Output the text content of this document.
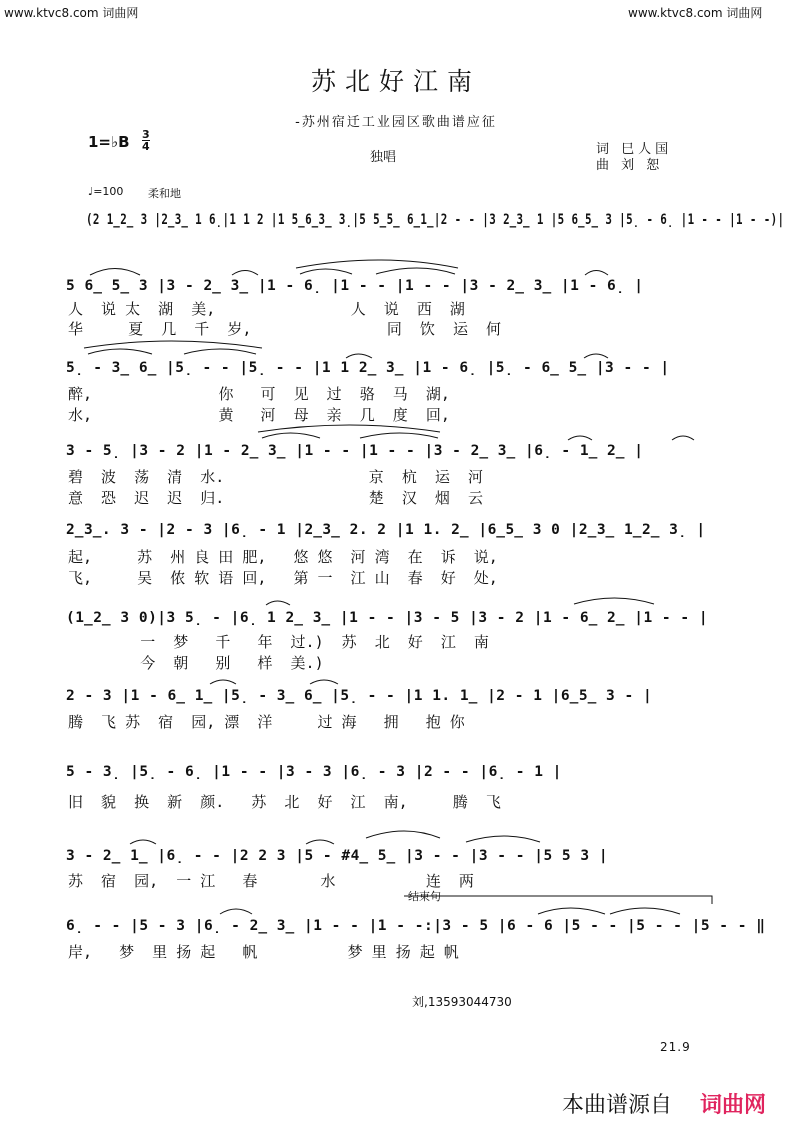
www.ktvc8.com 词曲网	www.ktvc8.com 词曲网
苏北好江南
-苏州宿迁工业园区歌曲谱应征
1=♭B $\frac{3}{4}$
独唱
词 巳人国
曲 刘 恕
♩=100 柔和地
(2 1̲2̲ 3 |2̲3̲ 1 6̣|1 1 2 |1 5̲6̲3̲ 3̣|5 5̲5̲ 6̲1̲|2 - - |3 2̲3̲ 1 |5 6̲5̲ 3 |5̣ - 6̣ |1 - - |1 - -)|
5 6̲ 5̲ 3 |3 - 2̲ 3̲ |1 - 6̣ |1 - - |1 - - |3 - 2̲ 3̲ |1 - 6̣ |
人  说 太  湖  美,               人  说  西  湖
华     夏  几  千  岁,               同  饮  运  何
5̣ - 3̲ 6̲ |5̣ - - |5̣ - - |1 1 2̲ 3̲ |1 - 6̣ |5̣ - 6̲ 5̲ |3 - - |
醉,              你   可  见  过  骆  马  湖,
水,              黄   河  母  亲  几  度  回,
3 - 5̣ |3 - 2 |1 - 2̲ 3̲ |1 - - |1 - - |3 - 2̲ 3̲ |6̣ - 1̲ 2̲ |
碧  波  荡  清  水.                京  杭  运  河
意  恐  迟  迟  归.                楚  汉  烟  云
2̲3̲. 3 - |2 - 3 |6̣ - 1 |2̲3̲ 2. 2 |1 1. 2̲ |6̲5̲ 3 0 |2̲3̲ 1̲2̲ 3̣ |
起,     苏  州 良 田 肥,   悠 悠  河 湾  在  诉  说,
飞,     吴  侬 软 语 回,   第 一  江 山  春  好  处,
(1̲2̲ 3 0)|3 5̣ - |6̣ 1 2̲ 3̲ |1 - - |3 - 5 |3 - 2 |1 - 6̲ 2̲ |1 - - |
一  梦   千   年  过.)  苏  北  好  江  南
今  朝   别   样  美.)
2 - 3 |1 - 6̲ 1̲ |5̣ - 3̲ 6̲ |5̣ - - |1 1. 1̲ |2 - 1 |6̲5̲ 3 - |
腾  飞 苏  宿  园, 漂  洋     过 海   拥   抱 你
5 - 3̣ |5̣ - 6̣ |1 - - |3 - 3 |6̣ - 3 |2 - - |6̣ - 1 |
旧  貌  换  新  颜.   苏  北  好  江  南,     腾  飞
3 - 2̲ 1̲ |6̣ - - |2 2 3 |5 - #4̲ 5̲ |3 - - |3 - - |5 5 3 |
苏  宿  园,  一 江   春       水          连  两
结束句
6̣ - - |5 - 3 |6̣ - 2̲ 3̲ |1 - - |1 - -:|3 - 5 |6 - 6 |5 - - |5 - - |5 - - ‖
岸,   梦  里 扬 起   帆          梦 里 扬 起 帆
刘,13593044730
21.9
本曲谱源自 词曲网
